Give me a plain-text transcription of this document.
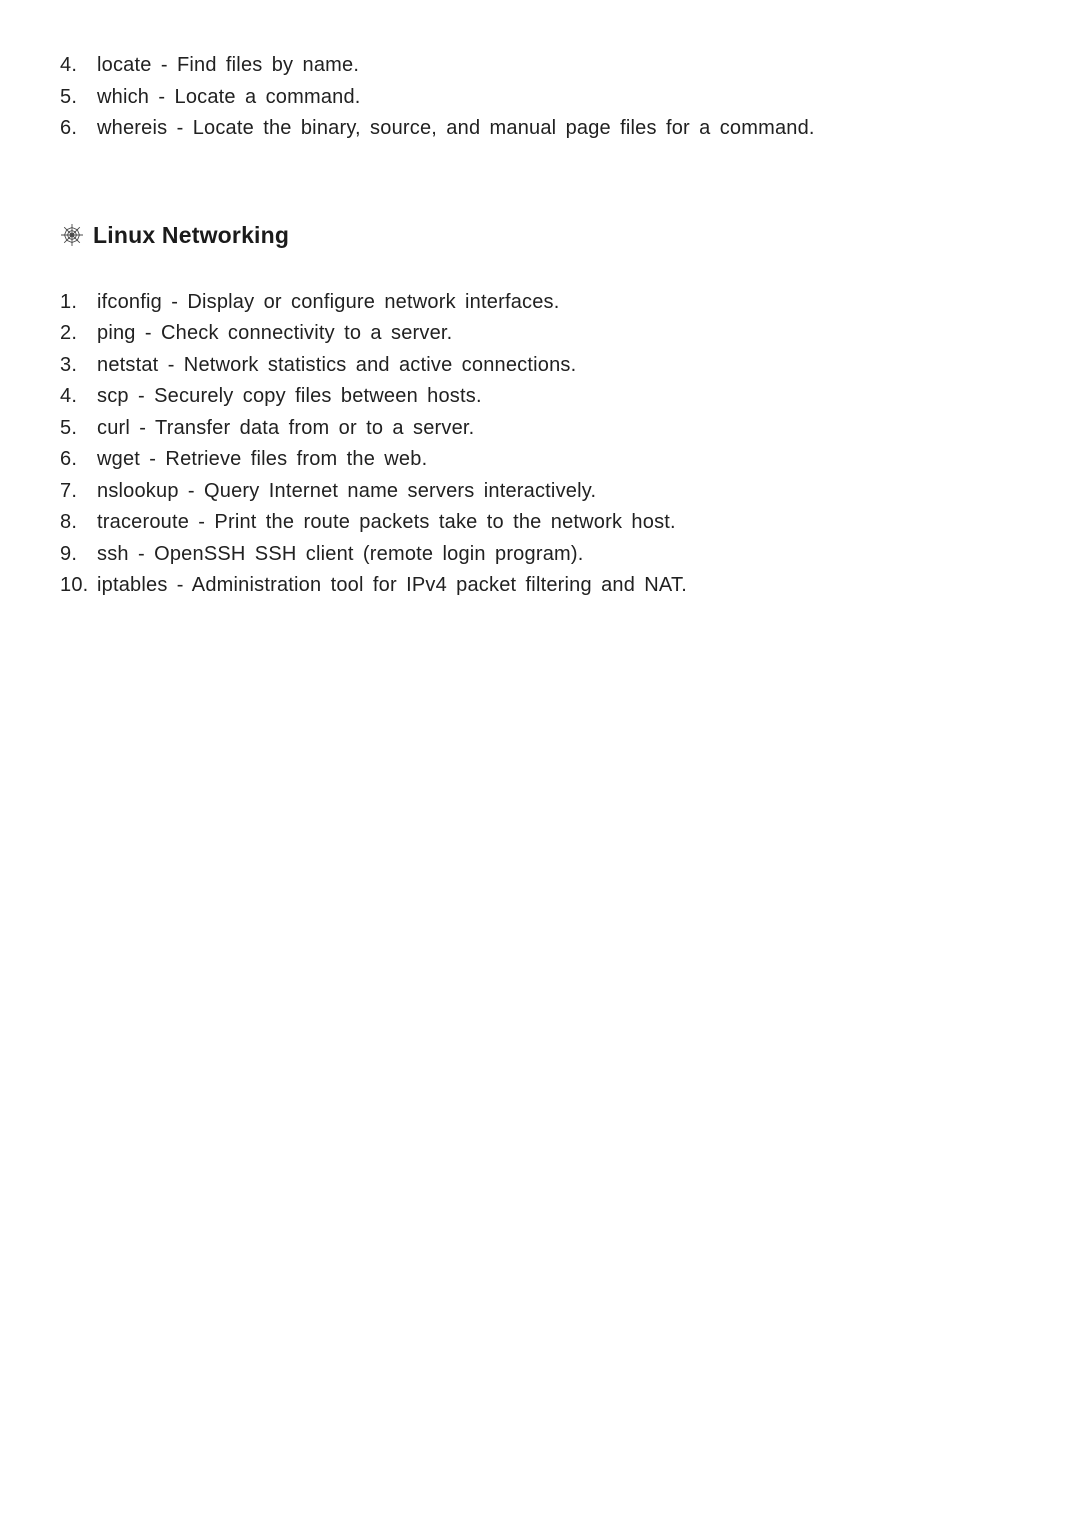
4. locate - Find files by name.
5. which - Locate a command.
6. whereis - Locate the binary, source, and manual page files for a command.
Linux Networking
1. ifconfig - Display or configure network interfaces.
2. ping - Check connectivity to a server.
3. netstat - Network statistics and active connections.
4. scp - Securely copy files between hosts.
5. curl - Transfer data from or to a server.
6. wget - Retrieve files from the web.
7. nslookup - Query Internet name servers interactively.
8. traceroute - Print the route packets take to the network host.
9. ssh - OpenSSH SSH client (remote login program).
10. iptables - Administration tool for IPv4 packet filtering and NAT.
